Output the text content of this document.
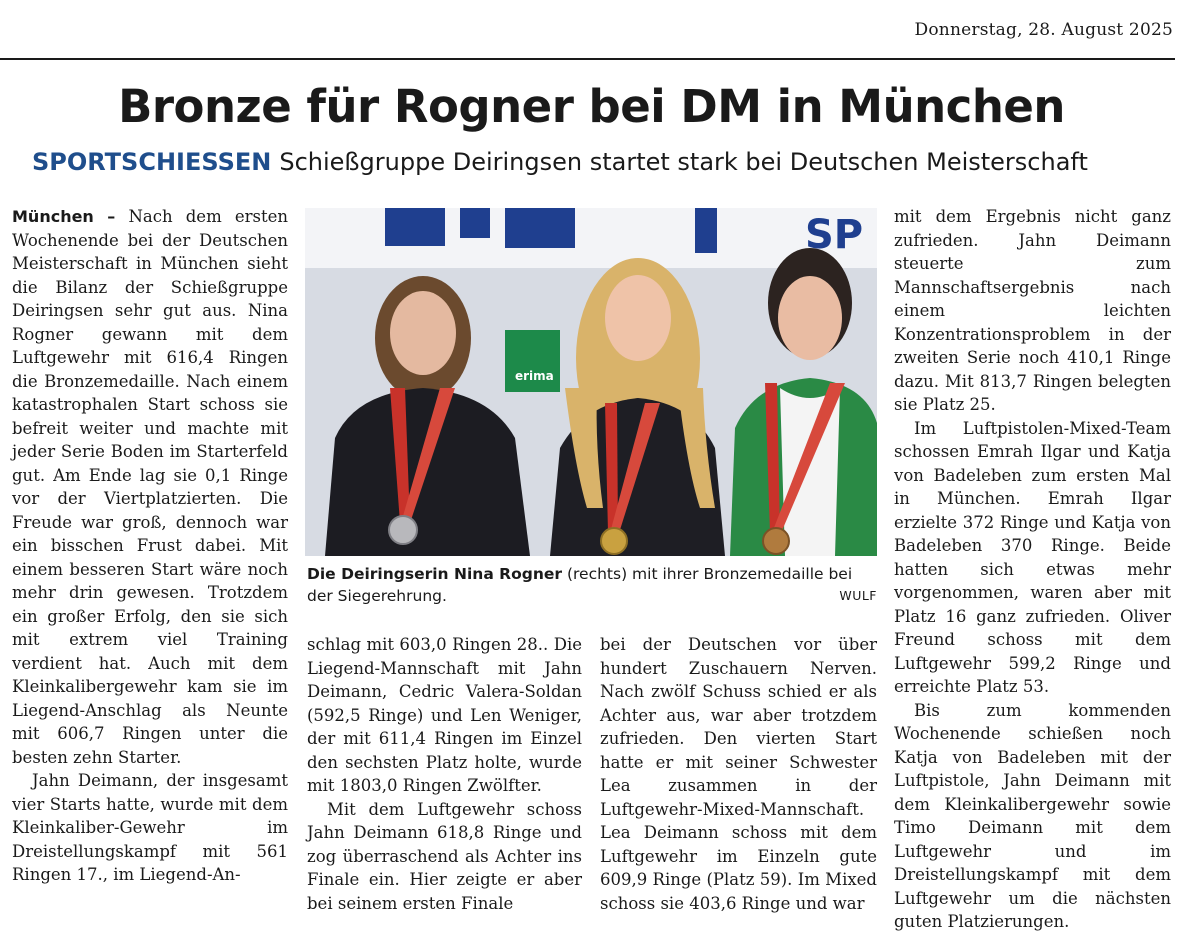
Donnerstag, 28. August 2025
Bronze für Rogner bei DM in München
SPORTSCHIESSEN Schießgruppe Deiringsen startet stark bei Deutschen Meisterschaft

München – Nach dem ersten Wochenende bei der Deutschen Meisterschaft in München sieht die Bilanz der Schießgruppe Deiringsen sehr gut aus. Nina Rogner gewann mit dem Luftgewehr mit 616,4 Ringen die Bronzemedaille. Nach einem katastrophalen Start schoss sie befreit weiter und machte mit jeder Serie Boden im Starterfeld gut. Am Ende lag sie 0,1 Ringe vor der Viertplatzierten. Die Freude war groß, dennoch war ein bisschen Frust dabei. Mit einem besseren Start wäre noch mehr drin gewesen. Trotzdem ein großer Erfolg, den sie sich mit extrem viel Training verdient hat. Auch mit dem Kleinkalibergewehr kam sie im Liegend-Anschlag als Neunte mit 606,7 Ringen unter die besten zehn Starter.

Jahn Deimann, der insgesamt vier Starts hatte, wurde mit dem Kleinkaliber-Gewehr im Dreistellungskampf mit 561 Ringen 17., im Liegend-An-

SP
erima
Die Deiringserin Nina Rogner (rechts) mit ihrer Bronzemedaille bei der Siegerehrung.	WULF

schlag mit 603,0 Ringen 28.. Die Liegend-Mannschaft mit Jahn Deimann, Cedric Valera-Soldan (592,5 Ringe) und Len Weniger, der mit 611,4 Ringen im Einzel den sechsten Platz holte, wurde mit 1803,0 Ringen Zwölfter.

Mit dem Luftgewehr schoss Jahn Deimann 618,8 Ringe und zog überraschend als Achter ins Finale ein. Hier zeigte er aber bei seinem ersten Finale

bei der Deutschen vor über hundert Zuschauern Nerven. Nach zwölf Schuss schied er als Achter aus, war aber trotzdem zufrieden. Den vierten Start hatte er mit seiner Schwester Lea zusammen in der Luftgewehr-Mixed-Mannschaft. Lea Deimann schoss mit dem Luftgewehr im Einzeln gute 609,9 Ringe (Platz 59). Im Mixed schoss sie 403,6 Ringe und war

mit dem Ergebnis nicht ganz zufrieden. Jahn Deimann steuerte zum Mannschaftsergebnis nach einem leichten Konzentrationsproblem in der zweiten Serie noch 410,1 Ringe dazu. Mit 813,7 Ringen belegten sie Platz 25.

Im Luftpistolen-Mixed-Team schossen Emrah Ilgar und Katja von Badeleben zum ersten Mal in München. Emrah Ilgar erzielte 372 Ringe und Katja von Badeleben 370 Ringe. Beide hatten sich etwas mehr vorgenommen, waren aber mit Platz 16 ganz zufrieden. Oliver Freund schoss mit dem Luftgewehr 599,2 Ringe und erreichte Platz 53.

Bis zum kommenden Wochenende schießen noch Katja von Badeleben mit der Luftpistole, Jahn Deimann mit dem Kleinkalibergewehr sowie Timo Deimann mit dem Luftgewehr und im Dreistellungskampf mit dem Luftgewehr um die nächsten guten Platzierungen.
